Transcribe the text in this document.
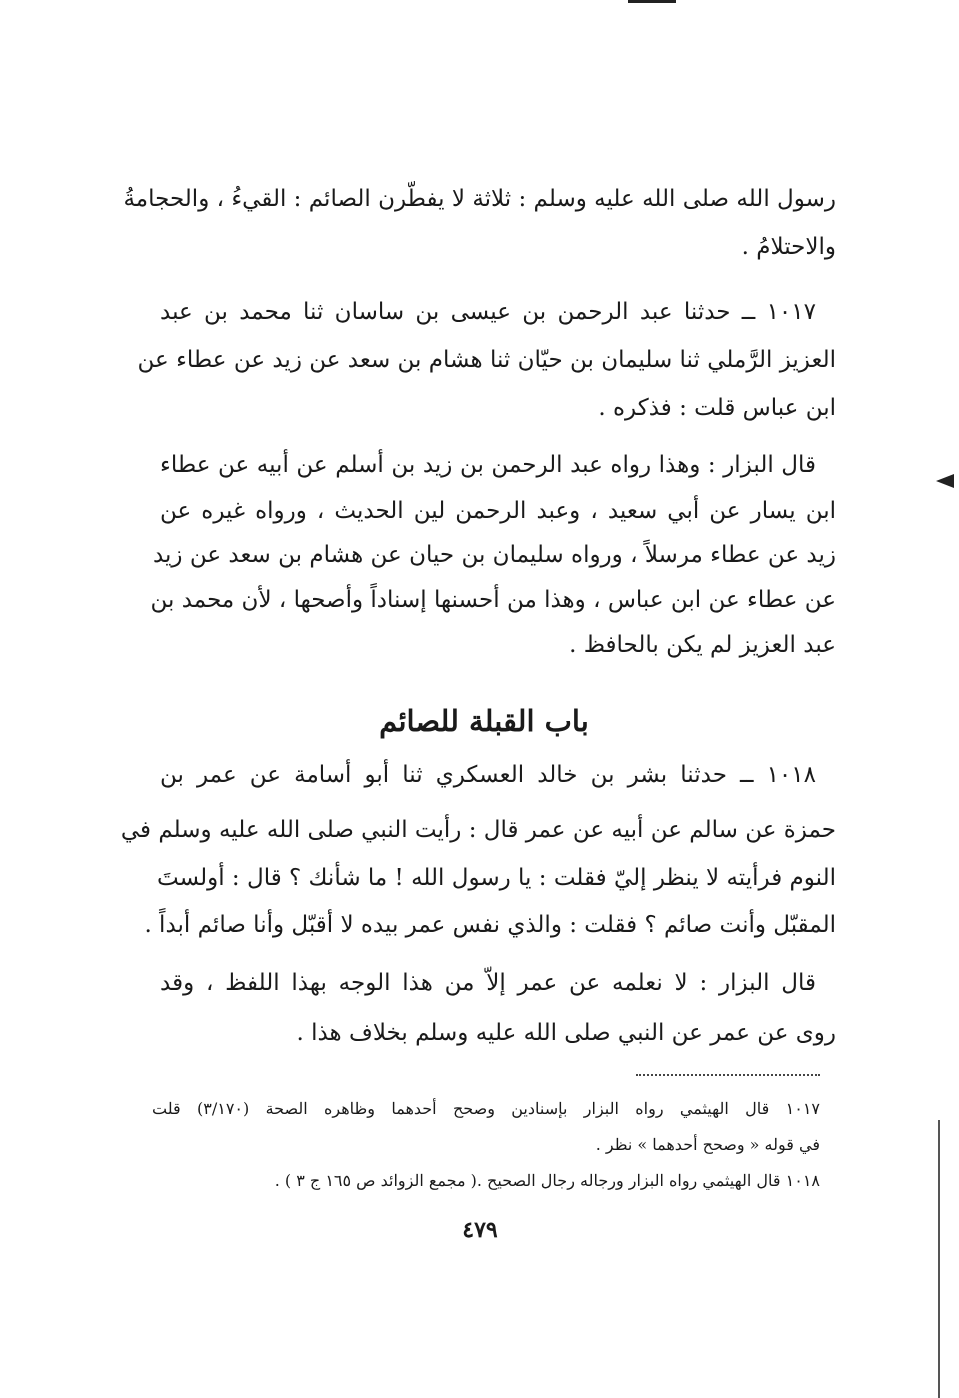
رسول الله صلى الله عليه وسلم : ثلاثة لا يفطّرن الصائم : القيءُ ، والحجامةُ
والاحتلامُ .
١٠١٧ ــ حدثنا عبد الرحمن بن عيسى بن ساسان ثنا محمد بن عبد
العزيز الرَّملي ثنا سليمان بن حيّان ثنا هشام بن سعد عن زيد عن عطاء عن
ابن عباس قلت : فذكره .
قال البزار : وهذا رواه عبد الرحمن بن زيد بن أسلم عن أبيه عن عطاء
ابن يسار عن أبي سعيد ، وعبد الرحمن لين الحديث ، ورواه غيره عن
زيد عن عطاء مرسلاً ، ورواه سليمان بن حيان عن هشام بن سعد عن زيد
عن عطاء عن ابن عباس ، وهذا من أحسنها إسناداً وأصحها ، لأن محمد بن
عبد العزيز لم يكن بالحافظ .
باب القبلة للصائم
١٠١٨ ــ حدثنا بشر بن خالد العسكري ثنا أبو أسامة عن عمر بن
حمزة عن سالم عن أبيه عن عمر قال : رأيت النبي صلى الله عليه وسلم في
النوم فرأيته لا ينظر إليّ فقلت : يا رسول الله ! ما شأنك ؟ قال : أولستَ
المقبّل وأنت صائم ؟ فقلت : والذي نفس عمر بيده لا أقبّل وأنا صائم أبداً .
قال البزار : لا نعلمه عن عمر إلاّ من هذا الوجه بهذا اللفظ ، وقد
روى عن عمر عن النبي صلى الله عليه وسلم بخلاف هذا .
١٠١٧ قال الهيثمي رواه البزار بإسنادين وصحح أحدهما وظاهره الصحة (٣/١٧٠) قلت
في قوله « وصحح أحدهما » نظر .
١٠١٨ قال الهيثمي رواه البزار ورجاله رجال الصحيح .( مجمع الزوائد ص ١٦٥ ج ٣ ) .
٤٧٩
